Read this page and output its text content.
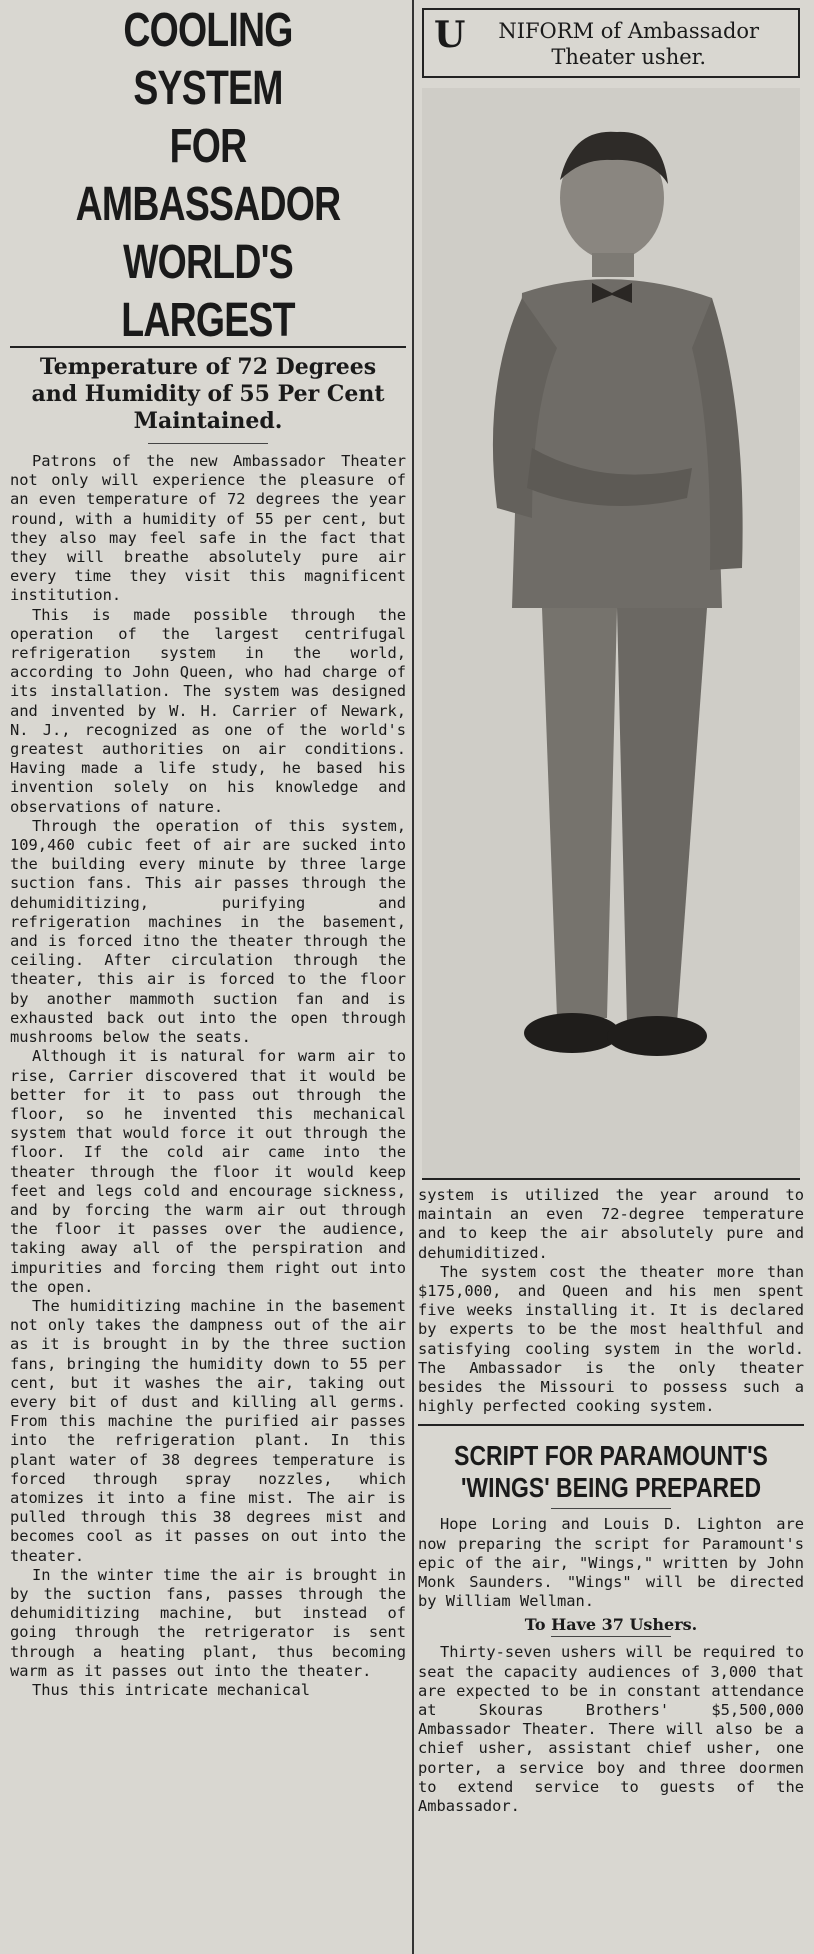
COOLING SYSTEM
FOR AMBASSADOR
WORLD'S LARGEST
Temperature of 72 Degrees and Humidity of 55 Per Cent Maintained.

Patrons of the new Ambassador Theater not only will experience the pleasure of an even temperature of 72 degrees the year round, with a humidity of 55 per cent, but they also may feel safe in the fact that they will breathe absolutely pure air every time they visit this magnificent institution.

This is made possible through the operation of the largest centrifugal refrigeration system in the world, according to John Queen, who had charge of its installation. The system was designed and invented by W. H. Carrier of Newark, N. J., recognized as one of the world's greatest authorities on air conditions. Having made a life study, he based his invention solely on his knowledge and observations of nature.

Through the operation of this system, 109,460 cubic feet of air are sucked into the building every minute by three large suction fans. This air passes through the dehumiditizing, purifying and refrigeration machines in the basement, and is forced itno the theater through the ceiling. After circulation through the theater, this air is forced to the floor by another mammoth suction fan and is exhausted back out into the open through mushrooms below the seats.

Although it is natural for warm air to rise, Carrier discovered that it would be better for it to pass out through the floor, so he invented this mechanical system that would force it out through the floor. If the cold air came into the theater through the floor it would keep feet and legs cold and encourage sickness, and by forcing the warm air out through the floor it passes over the audience, taking away all of the perspiration and impurities and forcing them right out into the open.

The humiditizing machine in the basement not only takes the dampness out of the air as it is brought in by the three suction fans, bringing the humidity down to 55 per cent, but it washes the air, taking out every bit of dust and killing all germs. From this machine the purified air passes into the refrigeration plant. In this plant water of 38 degrees temperature is forced through spray nozzles, which atomizes it into a fine mist. The air is pulled through this 38 degrees mist and becomes cool as it passes on out into the theater.

In the winter time the air is brought in by the suction fans, passes through the dehumiditizing machine, but instead of going through the retrigerator is sent through a heating plant, thus becoming warm as it passes out into the theater.

Thus this intricate mechanical

U NIFORM of Ambassador Theater usher.

system is utilized the year around to maintain an even 72-degree temperature and to keep the air absolutely pure and dehumiditized.

The system cost the theater more than $175,000, and Queen and his men spent five weeks installing it. It is declared by experts to be the most healthful and satisfying cooling system in the world. The Ambassador is the only theater besides the Missouri to possess such a highly perfected cooking system.

SCRIPT FOR PARAMOUNT'S
'WINGS' BEING PREPARED

Hope Loring and Louis D. Lighton are now preparing the script for Paramount's epic of the air, "Wings," written by John Monk Saunders. "Wings" will be directed by William Wellman.

To Have 37 Ushers.

Thirty-seven ushers will be required to seat the capacity audiences of 3,000 that are expected to be in constant attendance at Skouras Brothers' $5,500,000 Ambassador Theater. There will also be a chief usher, assistant chief usher, one porter, a service boy and three doormen to extend service to guests of the Ambassador.
